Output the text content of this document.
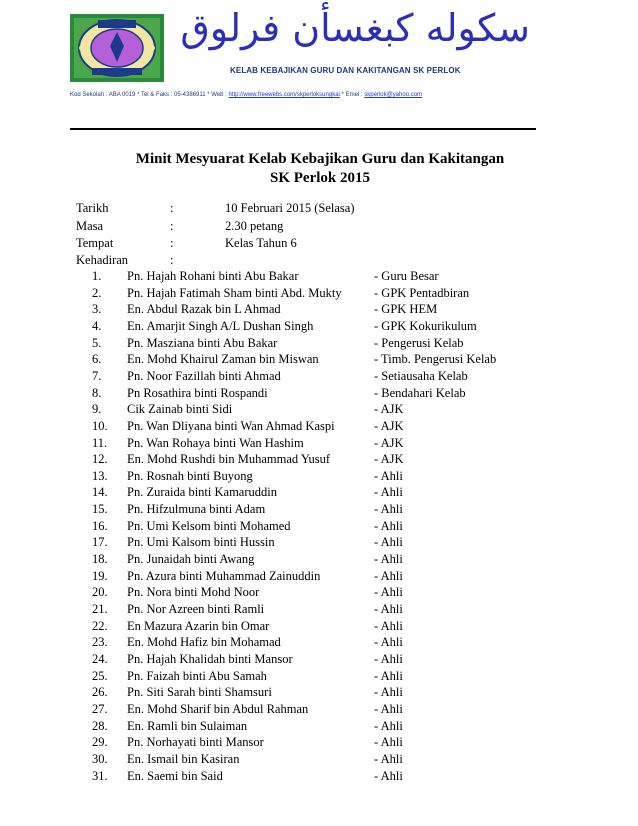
سکوله کبغسأن فرلوق
KELAB KEBAJIKAN GURU DAN KAKITANGAN SK PERLOK
Kod Sekolah : ABA 0019 * Tel & Faks : 05-4386911 * Web : http://www.freewebs.com/skperloksungkai * Emel : skperlok@yahoo.com
Minit Mesyuarat Kelab Kebajikan Guru dan Kakitangan
SK Perlok 2015
Tarikh	:	10 Februari 2015 (Selasa)
Masa	:	2.30 petang
Tempat	:	Kelas Tahun 6
Kehadiran	:
1. Pn. Hajah Rohani binti Abu Bakar	- Guru Besar
2. Pn. Hajah Fatimah Sham binti Abd. Mukty	- GPK Pentadbiran
3. En. Abdul Razak bin L Ahmad	- GPK HEM
4. En. Amarjit Singh A/L Dushan Singh	- GPK Kokurikulum
5. Pn. Masziana binti Abu Bakar	- Pengerusi Kelab
6. En. Mohd Khairul Zaman bin Miswan	- Timb. Pengerusi Kelab
7. Pn. Noor Fazillah binti Ahmad	- Setiausaha Kelab
8. Pn Rosathira binti Rospandi	- Bendahari Kelab
9. Cik Zainab binti Sidi	- AJK
10. Pn. Wan Dliyana binti Wan Ahmad Kaspi	- AJK
11. Pn. Wan Rohaya binti Wan Hashim	- AJK
12. En. Mohd Rushdi bin Muhammad Yusuf	- AJK
13. Pn. Rosnah binti Buyong	- Ahli
14. Pn. Zuraida binti Kamaruddin	- Ahli
15. Pn. Hifzulmuna binti Adam	- Ahli
16. Pn. Umi Kelsom binti Mohamed	- Ahli
17. Pn. Umi Kalsom binti Hussin	- Ahli
18. Pn. Junaidah binti Awang	- Ahli
19. Pn. Azura binti Muhammad Zainuddin	- Ahli
20. Pn. Nora binti Mohd Noor	- Ahli
21. Pn. Nor Azreen binti Ramli	- Ahli
22. En Mazura Azarin bin Omar	- Ahli
23. En. Mohd Hafiz bin Mohamad	- Ahli
24. Pn. Hajah Khalidah binti Mansor	- Ahli
25. Pn. Faizah binti Abu Samah	- Ahli
26. Pn. Siti Sarah binti Shamsuri	- Ahli
27. En. Mohd Sharif bin Abdul Rahman	- Ahli
28. En. Ramli bin Sulaiman	- Ahli
29. Pn. Norhayati binti Mansor	- Ahli
30. En. Ismail bin Kasiran	- Ahli
31. En. Saemi bin Said	- Ahli
